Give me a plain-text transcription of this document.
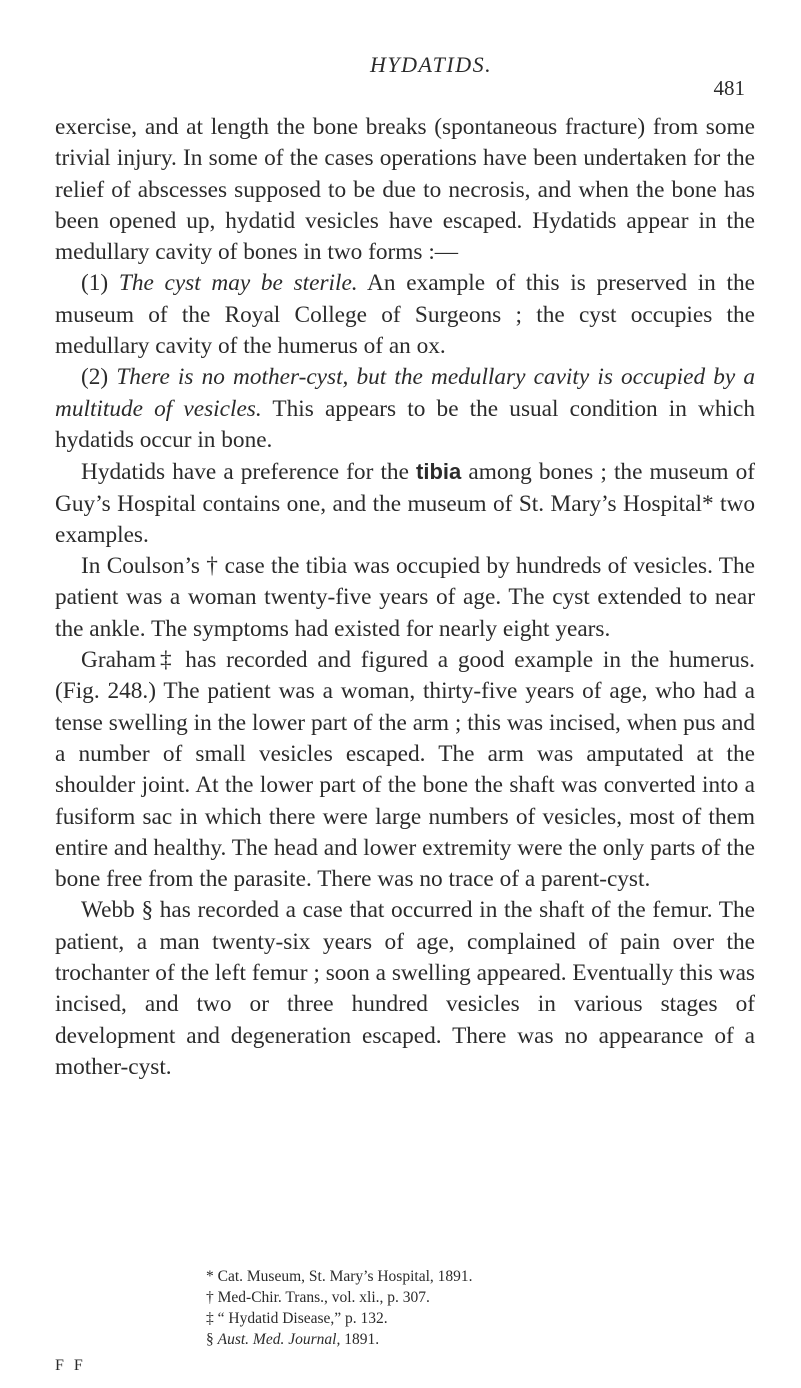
HYDATIDS.
481

exercise, and at length the bone breaks (spontaneous fracture) from some trivial injury. In some of the cases operations have been undertaken for the relief of abscesses supposed to be due to necrosis, and when the bone has been opened up, hydatid vesicles have escaped. Hydatids appear in the medullary cavity of bones in two forms :—

(1) The cyst may be sterile. An example of this is preserved in the museum of the Royal College of Surgeons ; the cyst occupies the medullary cavity of the humerus of an ox.

(2) There is no mother-cyst, but the medullary cavity is occupied by a multitude of vesicles. This appears to be the usual condition in which hydatids occur in bone.

Hydatids have a preference for the tibia among bones ; the museum of Guy’s Hospital contains one, and the museum of St. Mary’s Hospital* two examples.

In Coulson’s † case the tibia was occupied by hundreds of vesicles. The patient was a woman twenty-five years of age. The cyst extended to near the ankle. The symptoms had existed for nearly eight years.

Graham‡ has recorded and figured a good example in the humerus. (Fig. 248.) The patient was a woman, thirty-five years of age, who had a tense swelling in the lower part of the arm ; this was incised, when pus and a number of small vesicles escaped. The arm was amputated at the shoulder joint. At the lower part of the bone the shaft was converted into a fusiform sac in which there were large numbers of vesicles, most of them entire and healthy. The head and lower extremity were the only parts of the bone free from the parasite. There was no trace of a parent-cyst.

Webb § has recorded a case that occurred in the shaft of the femur. The patient, a man twenty-six years of age, complained of pain over the trochanter of the left femur ; soon a swelling appeared. Eventually this was incised, and two or three hundred vesicles in various stages of development and degeneration escaped. There was no appearance of a mother-cyst.

* Cat. Museum, St. Mary’s Hospital, 1891.
† Med-Chir. Trans., vol. xli., p. 307.
‡ “ Hydatid Disease,” p. 132.
§ Aust. Med. Journal, 1891.
F F
